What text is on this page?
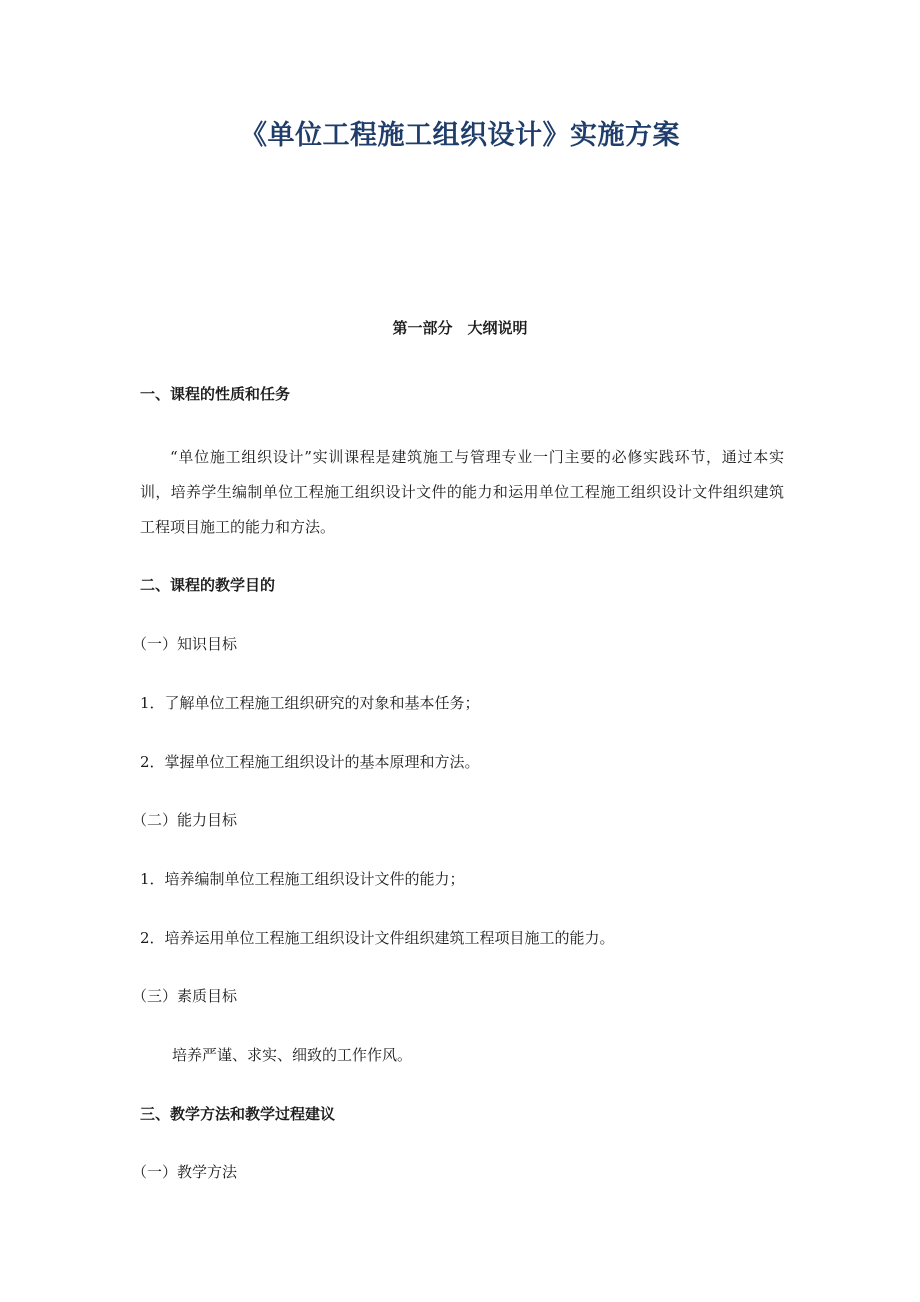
《单位工程施工组织设计》实施方案
第一部分　大纲说明
一、课程的性质和任务
“单位施工组织设计”实训课程是建筑施工与管理专业一门主要的必修实践环节，通过本实训，培养学生编制单位工程施工组织设计文件的能力和运用单位工程施工组织设计文件组织建筑工程项目施工的能力和方法。
二、课程的教学目的
（一）知识目标
1．了解单位工程施工组织研究的对象和基本任务；
2．掌握单位工程施工组织设计的基本原理和方法。
（二）能力目标
1．培养编制单位工程施工组织设计文件的能力；
2．培养运用单位工程施工组织设计文件组织建筑工程项目施工的能力。
（三）素质目标
培养严谨、求实、细致的工作作风。
三、教学方法和教学过程建议
（一）教学方法
